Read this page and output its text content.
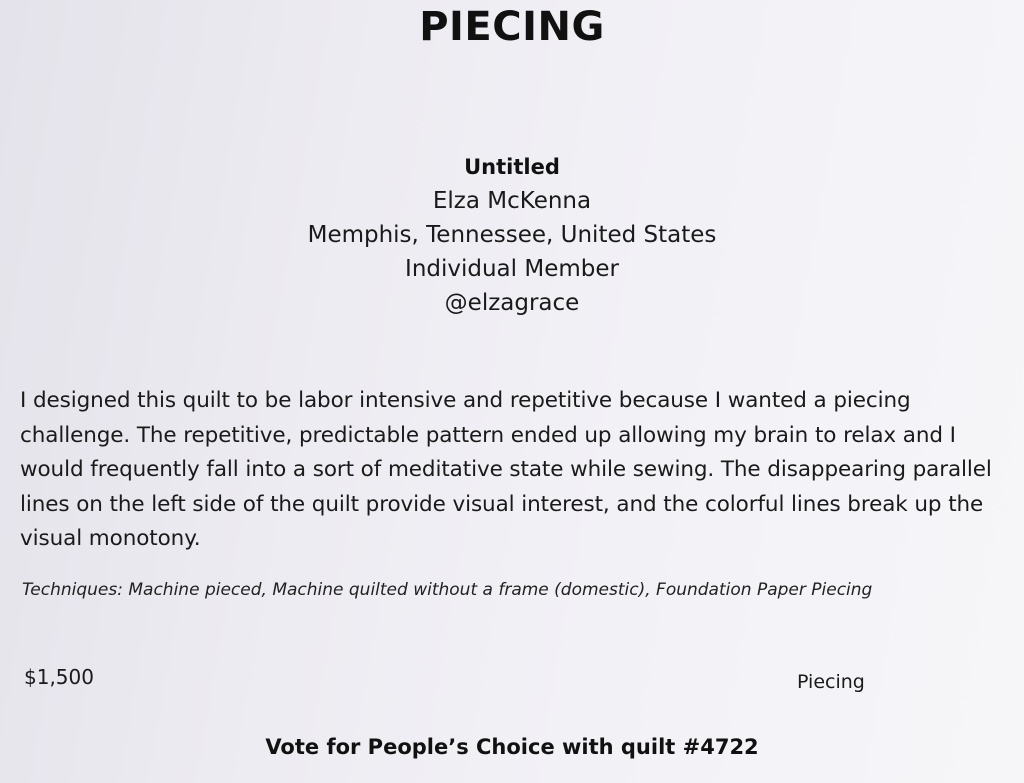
PIECING
Untitled
Elza McKenna
Memphis, Tennessee, United States
Individual Member
@elzagrace

I designed this quilt to be labor intensive and repetitive because I wanted a piecing challenge. The repetitive, predictable pattern ended up allowing my brain to relax and I would frequently fall into a sort of meditative state while sewing. The disappearing parallel lines on the left side of the quilt provide visual interest, and the colorful lines break up the visual monotony.

Techniques: Machine pieced, Machine quilted without a frame (domestic), Foundation Paper Piecing

$1,500	Piecing
Vote for People’s Choice with quilt #4722
